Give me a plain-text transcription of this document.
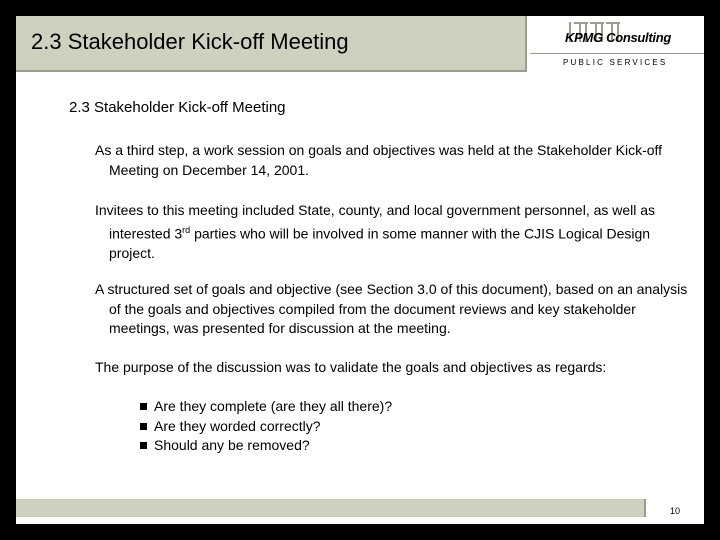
2.3 Stakeholder Kick-off Meeting	KPMG Consulting
PUBLIC SERVICES
2.3 Stakeholder Kick-off Meeting

As a third step, a work session on goals and objectives was held at the Stakeholder Kick-off Meeting on December 14, 2001.

Invitees to this meeting included State, county, and local government personnel, as well as interested 3rd parties who will be involved in some manner with the CJIS Logical Design project.

A structured set of goals and objective (see Section 3.0 of this document), based on an analysis of the goals and objectives compiled from the document reviews and key stakeholder meetings, was presented for discussion at the meeting.

The purpose of the discussion was to validate the goals and objectives as regards:

Are they complete (are they all there)?
Are they worded correctly?
Should any be removed?
10
